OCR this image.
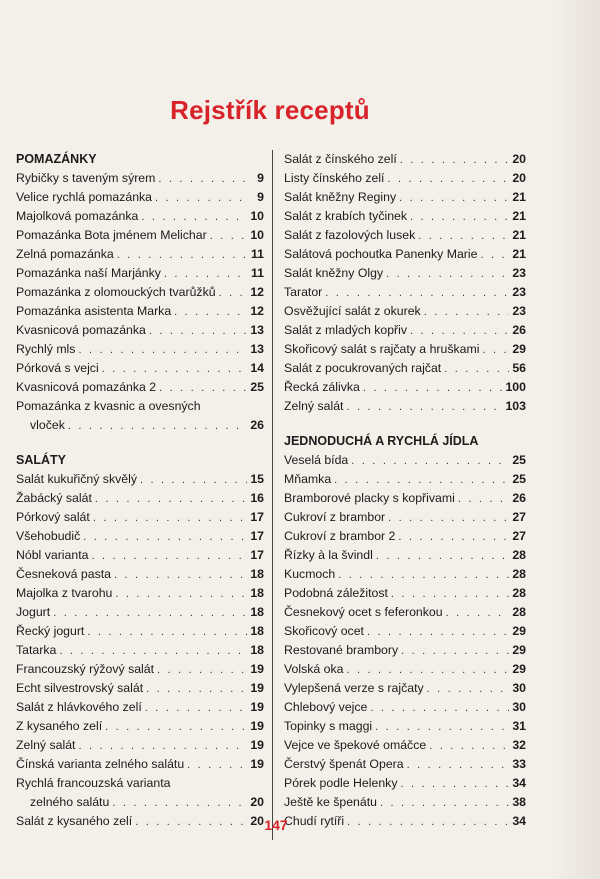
Rejstřík receptů
POMAZÁNKY
Rybičky s taveným sýrem . . .	9
Velice rychlá pomazánka . . .	9
Majolková pomazánka . . .	10
Pomazánka Bota jménem Melichar . . .	10
Zelná pomazánka . . .	11
Pomazánka naší Marjánky . . .	11
Pomazánka z olomouckých tvarůžků . . .	12
Pomazánka asistenta Marka . . .	12
Kvasnicová pomazánka . . .	13
Rychlý mls . . .	13
Pórková s vejci . . .	14
Kvasnicová pomazánka 2 . . .	25
Pomazánka z kvasnic a ovesných
vloček . . .	26
SALÁTY
Salát kukuřičný skvělý . . .	15
Žabácký salát . . .	16
Pórkový salát . . .	17
Všehobudič . . .	17
Nóbl varianta . . .	17
Česneková pasta . . .	18
Majolka z tvarohu . . .	18
Jogurt . . .	18
Řecký jogurt . . .	18
Tatarka . . .	18
Francouzský rýžový salát . . .	19
Echt silvestrovský salát . . .	19
Salát z hlávkového zelí . . .	19
Z kysaného zelí . . .	19
Zelný salát . . .	19
Čínská varianta zelného salátu . . .	19
Rychlá francouzská varianta
zelného salátu . . .	20
Salát z kysaného zelí . . .	20
Salát z čínského zelí . . .	20
Listy čínského zelí . . .	20
Salát kněžny Reginy . . .	21
Salát z krabích tyčinek . . .	21
Salát z fazolových lusek . . .	21
Salátová pochoutka Panenky Marie . . .	21
Salát kněžny Olgy . . .	23
Tarator . . .	23
Osvěžující salát z okurek . . .	23
Salát z mladých kopřiv . . .	26
Skořicový salát s rajčaty a hruškami . . .	29
Salát z pocukrovaných rajčat . . .	56
Řecká zálivka . . .	100
Zelný salát . . .	103
JEDNODUCHÁ A RYCHLÁ JÍDLA
Veselá bída . . .	25
Mňamka . . .	25
Bramborové placky s kopřivami . . .	26
Cukroví z brambor . . .	27
Cukroví z brambor 2 . . .	27
Řízky à la švindl . . .	28
Kucmoch . . .	28
Podobná záležitost . . .	28
Česnekový ocet s feferonkou . . .	28
Skořicový ocet . . .	29
Restované brambory . . .	29
Volská oka . . .	29
Vylepšená verze s rajčaty . . .	30
Chlebový vejce . . .	30
Topinky s maggi . . .	31
Vejce ve špekové omáčce . . .	32
Čerstvý špenát Opera . . .	33
Pórek podle Helenky . . .	34
Ještě ke špenátu . . .	38
Chudí rytíři . . .	34
147
